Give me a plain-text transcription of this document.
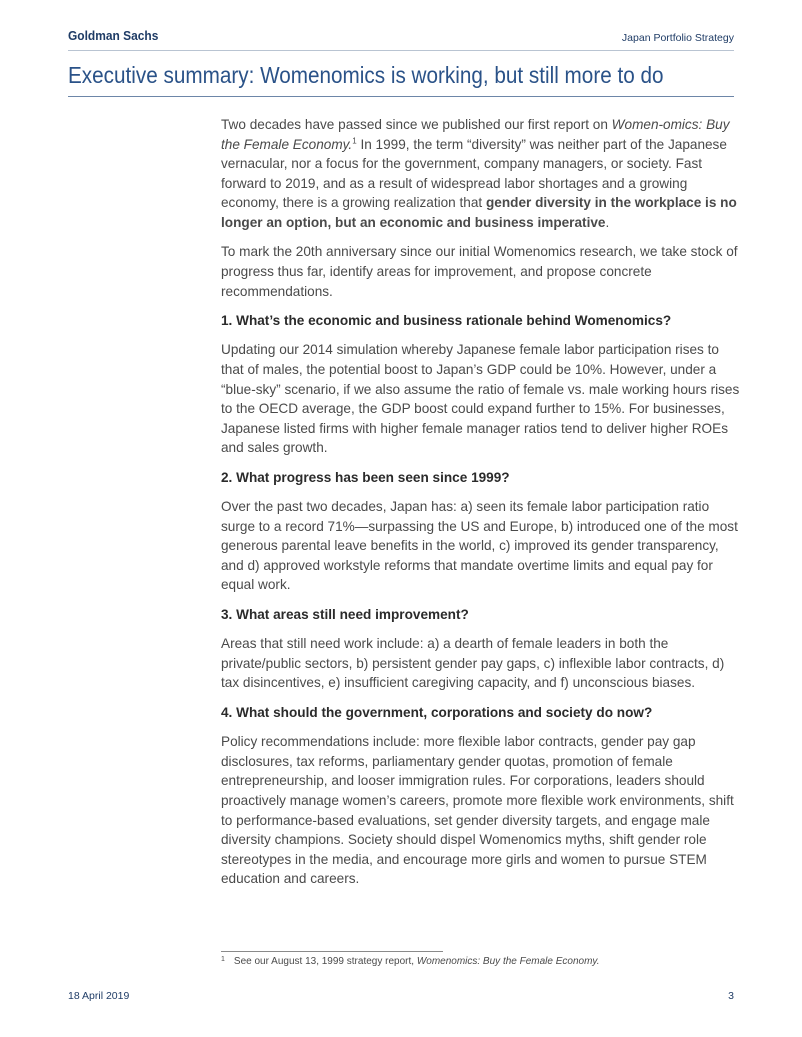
Goldman Sachs	Japan Portfolio Strategy
Executive summary: Womenomics is working, but still more to do

Two decades have passed since we published our first report on Women-omics: Buy the Female Economy.$^1$ In 1999, the term “diversity” was neither part of the Japanese vernacular, nor a focus for the government, company managers, or society. Fast forward to 2019, and as a result of widespread labor shortages and a growing economy, there is a growing realization that gender diversity in the workplace is no longer an option, but an economic and business imperative.

To mark the 20th anniversary since our initial Womenomics research, we take stock of progress thus far, identify areas for improvement, and propose concrete recommendations.

1. What’s the economic and business rationale behind Womenomics?

Updating our 2014 simulation whereby Japanese female labor participation rises to that of males, the potential boost to Japan’s GDP could be 10%. However, under a “blue-sky” scenario, if we also assume the ratio of female vs. male working hours rises to the OECD average, the GDP boost could expand further to 15%. For businesses, Japanese listed firms with higher female manager ratios tend to deliver higher ROEs and sales growth.

2. What progress has been seen since 1999?

Over the past two decades, Japan has: a) seen its female labor participation ratio surge to a record 71%—surpassing the US and Europe, b) introduced one of the most generous parental leave benefits in the world, c) improved its gender transparency, and d) approved workstyle reforms that mandate overtime limits and equal pay for equal work.

3. What areas still need improvement?

Areas that still need work include: a) a dearth of female leaders in both the private/public sectors, b) persistent gender pay gaps, c) inflexible labor contracts, d) tax disincentives, e) insufficient caregiving capacity, and f) unconscious biases.

4. What should the government, corporations and society do now?

Policy recommendations include: more flexible labor contracts, gender pay gap disclosures, tax reforms, parliamentary gender quotas, promotion of female entrepreneurship, and looser immigration rules. For corporations, leaders should proactively manage women’s careers, promote more flexible work environments, shift to performance-based evaluations, set gender diversity targets, and engage male diversity champions. Society should dispel Womenomics myths, shift gender role stereotypes in the media, and encourage more girls and women to pursue STEM education and careers.

$^1$ See our August 13, 1999 strategy report, Womenomics: Buy the Female Economy.
18 April 2019	3
